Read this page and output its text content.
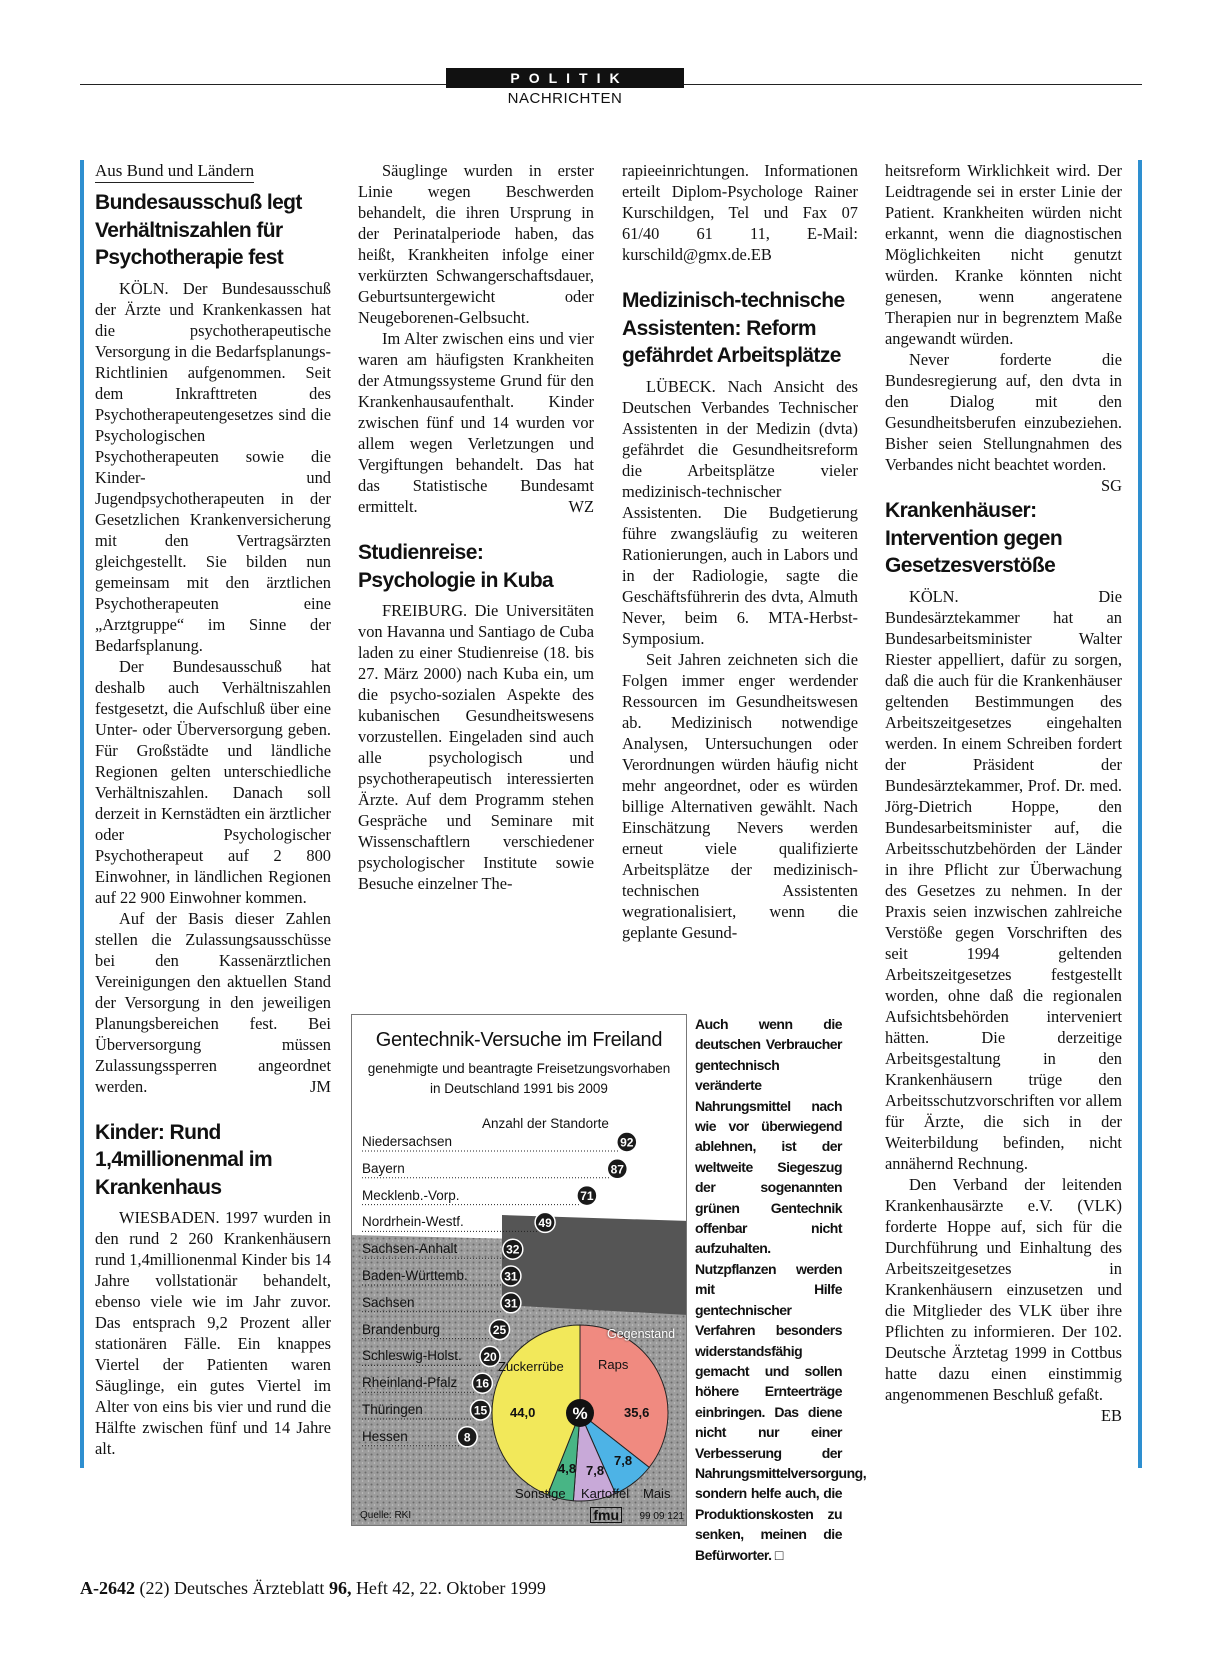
POLITIK
NACHRICHTEN
Aus Bund und Ländern
Bundesausschuß legt Verhältniszahlen für Psychotherapie fest

KÖLN. Der Bundesausschuß der Ärzte und Krankenkassen hat die psychotherapeutische Versorgung in die Bedarfsplanungs-Richtlinien aufgenommen. Seit dem Inkrafttreten des Psychotherapeutengesetzes sind die Psychologischen Psychotherapeuten sowie die Kinder- und Jugendpsychotherapeuten in der Gesetzlichen Krankenversicherung mit den Vertragsärzten gleichgestellt. Sie bilden nun gemeinsam mit den ärztlichen Psychotherapeuten eine „Arztgruppe“ im Sinne der Bedarfsplanung.

Der Bundesausschuß hat deshalb auch Verhältniszahlen festgesetzt, die Aufschluß über eine Unter- oder Überversorgung geben. Für Großstädte und ländliche Regionen gelten unterschiedliche Verhältniszahlen. Danach soll derzeit in Kernstädten ein ärztlicher oder Psychologischer Psychotherapeut auf 2 800 Einwohner, in ländlichen Regionen auf 22 900 Einwohner kommen.

Auf der Basis dieser Zahlen stellen die Zulassungsausschüsse bei den Kassenärztlichen Vereinigungen den aktuellen Stand der Versorgung in den jeweiligen Planungsbereichen fest. Bei Überversorgung müssen Zulassungssperren angeordnet werden.	JM

Kinder: Rund 1,4millionenmal im Krankenhaus

WIESBADEN. 1997 wurden in den rund 2 260 Krankenhäusern rund 1,4millionenmal Kinder bis 14 Jahre vollstationär behandelt, ebenso viele wie im Jahr zuvor. Das entsprach 9,2 Prozent aller stationären Fälle. Ein knappes Viertel der Patienten waren Säuglinge, ein gutes Viertel im Alter von eins bis vier und rund die Hälfte zwischen fünf und 14 Jahre alt.

Säuglinge wurden in erster Linie wegen Beschwerden behandelt, die ihren Ursprung in der Perinatalperiode haben, das heißt, Krankheiten infolge einer verkürzten Schwangerschaftsdauer, Geburtsuntergewicht oder Neugeborenen-Gelbsucht.

Im Alter zwischen eins und vier waren am häufigsten Krankheiten der Atmungssysteme Grund für den Krankenhausaufenthalt. Kinder zwischen fünf und 14 wurden vor allem wegen Verletzungen und Vergiftungen behandelt. Das hat das Statistische Bundesamt ermittelt.	WZ

Studienreise: Psychologie in Kuba

FREIBURG. Die Universitäten von Havanna und Santiago de Cuba laden zu einer Studienreise (18. bis 27. März 2000) nach Kuba ein, um die psycho-sozialen Aspekte des kubanischen Gesundheitswesens vorzustellen. Eingeladen sind auch alle psychologisch und psychotherapeutisch interessierten Ärzte. Auf dem Programm stehen Gespräche und Seminare mit Wissenschaftlern verschiedener psychologischer Institute sowie Besuche einzelner The-

rapieeinrichtungen. Informationen erteilt Diplom-Psychologe Rainer Kurschildgen, Tel und Fax 07 61/40 61 11, E-Mail: kurschild@gmx.de.EB

Medizinisch-technische Assistenten: Reform gefährdet Arbeitsplätze

LÜBECK. Nach Ansicht des Deutschen Verbandes Technischer Assistenten in der Medizin (dvta) gefährdet die Gesundheitsreform die Arbeitsplätze vieler medizinisch-technischer Assistenten. Die Budgetierung führe zwangsläufig zu weiteren Rationierungen, auch in Labors und in der Radiologie, sagte die Geschäftsführerin des dvta, Almuth Never, beim 6. MTA-Herbst-Symposium.

Seit Jahren zeichneten sich die Folgen immer enger werdender Ressourcen im Gesundheitswesen ab. Medizinisch notwendige Analysen, Untersuchungen oder Verordnungen würden häufig nicht mehr angeordnet, oder es würden billige Alternativen gewählt. Nach Einschätzung Nevers werden erneut viele qualifizierte Arbeitsplätze der medizinisch-technischen Assistenten wegrationalisiert, wenn die geplante Gesund-

heitsreform Wirklichkeit wird. Der Leidtragende sei in erster Linie der Patient. Krankheiten würden nicht erkannt, wenn die diagnostischen Möglichkeiten nicht genutzt würden. Kranke könnten nicht genesen, wenn angeratene Therapien nur in begrenztem Maße angewandt würden.

Never forderte die Bundesregierung auf, den dvta in den Dialog mit den Gesundheitsberufen einzubeziehen. Bisher seien Stellungnahmen des Verbandes nicht beachtet worden.
SG

Krankenhäuser: Intervention gegen Gesetzesverstöße

KÖLN. Die Bundesärztekammer hat an Bundesarbeitsminister Walter Riester appelliert, dafür zu sorgen, daß die auch für die Krankenhäuser geltenden Bestimmungen des Arbeitszeitgesetzes eingehalten werden. In einem Schreiben fordert der Präsident der Bundesärztekammer, Prof. Dr. med. Jörg-Dietrich Hoppe, den Bundesarbeitsminister auf, die Arbeitsschutzbehörden der Länder in ihre Pflicht zur Überwachung des Gesetzes zu nehmen. In der Praxis seien inzwischen zahlreiche Verstöße gegen Vorschriften des seit 1994 geltenden Arbeitszeitgesetzes festgestellt worden, ohne daß die regionalen Aufsichtsbehörden interveniert hätten. Die derzeitige Arbeitsgestaltung in den Krankenhäusern trüge den Arbeitsschutzvorschriften vor allem für Ärzte, die sich in der Weiterbildung befinden, nicht annähernd Rechnung.

Den Verband der leitenden Krankenhausärzte e.V. (VLK) forderte Hoppe auf, sich für die Durchführung und Einhaltung des Arbeitszeitgesetzes in Krankenhäusern einzusetzen und die Mitglieder des VLK über ihre Pflichten zu informieren. Der 102. Deutsche Ärztetag 1999 in Cottbus hatte dazu einen einstimmig angenommenen Beschluß gefaßt.
EB

92
87
71
49
32
31
31
25
20
16
15
8
%
Gentechnik-Versuche im Freiland
genehmigte und beantragte Freisetzungsvorhaben
in Deutschland 1991 bis 2009
Anzahl der Standorte
Niedersachsen
Bayern
Mecklenb.-Vorp.
Nordrhein-Westf.
Sachsen-Anhalt
Baden-Württemb.
Sachsen
Brandenburg
Schleswig-Holst.
Rheinland-Pfalz
Thüringen
Hessen
Gegenstand
Raps
35,6
7,8
7,8
4,8
Zuckerrübe
44,0
Sonstige Kartoffel Mais
Quelle: RKI	fmu	99 09 121
Auch wenn die deutschen Verbraucher gentechnisch veränderte Nahrungsmittel nach wie vor überwiegend ablehnen, ist der weltweite Siegeszug der sogenannten grünen Gentechnik offenbar nicht aufzuhalten. Nutzpflanzen werden mit Hilfe gentechnischer Verfahren besonders widerstandsfähig gemacht und sollen höhere Ernteerträge einbringen. Das diene nicht nur einer Verbesserung der Nahrungsmittelversorgung, sondern helfe auch, die Produktionskosten zu senken, meinen die Befürworter. □
A-2642 (22) Deutsches Ärzteblatt 96, Heft 42, 22. Oktober 1999
